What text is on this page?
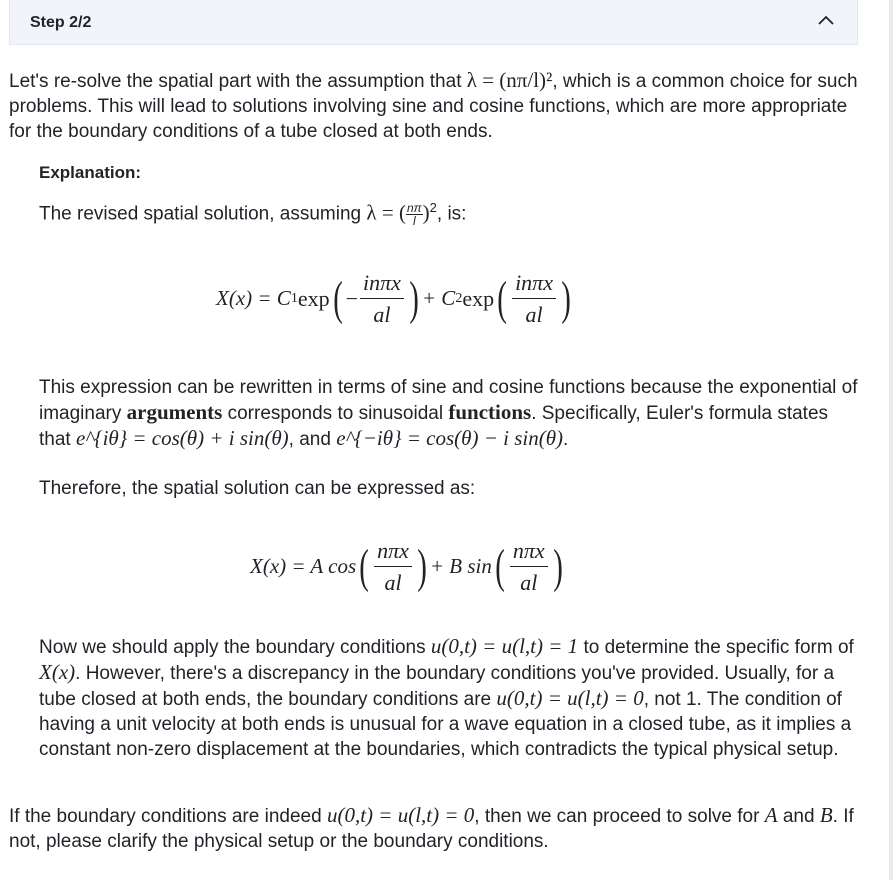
Step 2/2

Let's re-solve the spatial part with the assumption that λ = (nπ/l)², which is a common choice for such problems. This will lead to solutions involving sine and cosine functions, which are more appropriate for the boundary conditions of a tube closed at both ends.

Explanation:

The revised spatial solution, assuming λ = ( $\frac{n\pi}{l} )^2$, is:

X(x) = C 1 exp ( − $\frac{\text{inπx}}{al}$ ) + C 2 exp ( $\frac{\text{inπx}}{al}$ )

This expression can be rewritten in terms of sine and cosine functions because the exponential of imaginary arguments corresponds to sinusoidal functions. Specifically, Euler's formula states that e^{iθ} = cos(θ) + i sin(θ), and e^{−iθ} = cos(θ) − i sin(θ).

Therefore, the spatial solution can be expressed as:

X(x) = A cos ( $\frac{\text{nπx}}{al}$ ) + B sin ( $\frac{\text{nπx}}{al}$ )

Now we should apply the boundary conditions u(0,t) = u(l,t) = 1 to determine the specific form of X(x). However, there's a discrepancy in the boundary conditions you've provided. Usually, for a tube closed at both ends, the boundary conditions are u(0,t) = u(l,t) = 0, not 1. The condition of having a unit velocity at both ends is unusual for a wave equation in a closed tube, as it implies a constant non-zero displacement at the boundaries, which contradicts the typical physical setup.

If the boundary conditions are indeed u(0,t) = u(l,t) = 0, then we can proceed to solve for A and B. If not, please clarify the physical setup or the boundary conditions.
